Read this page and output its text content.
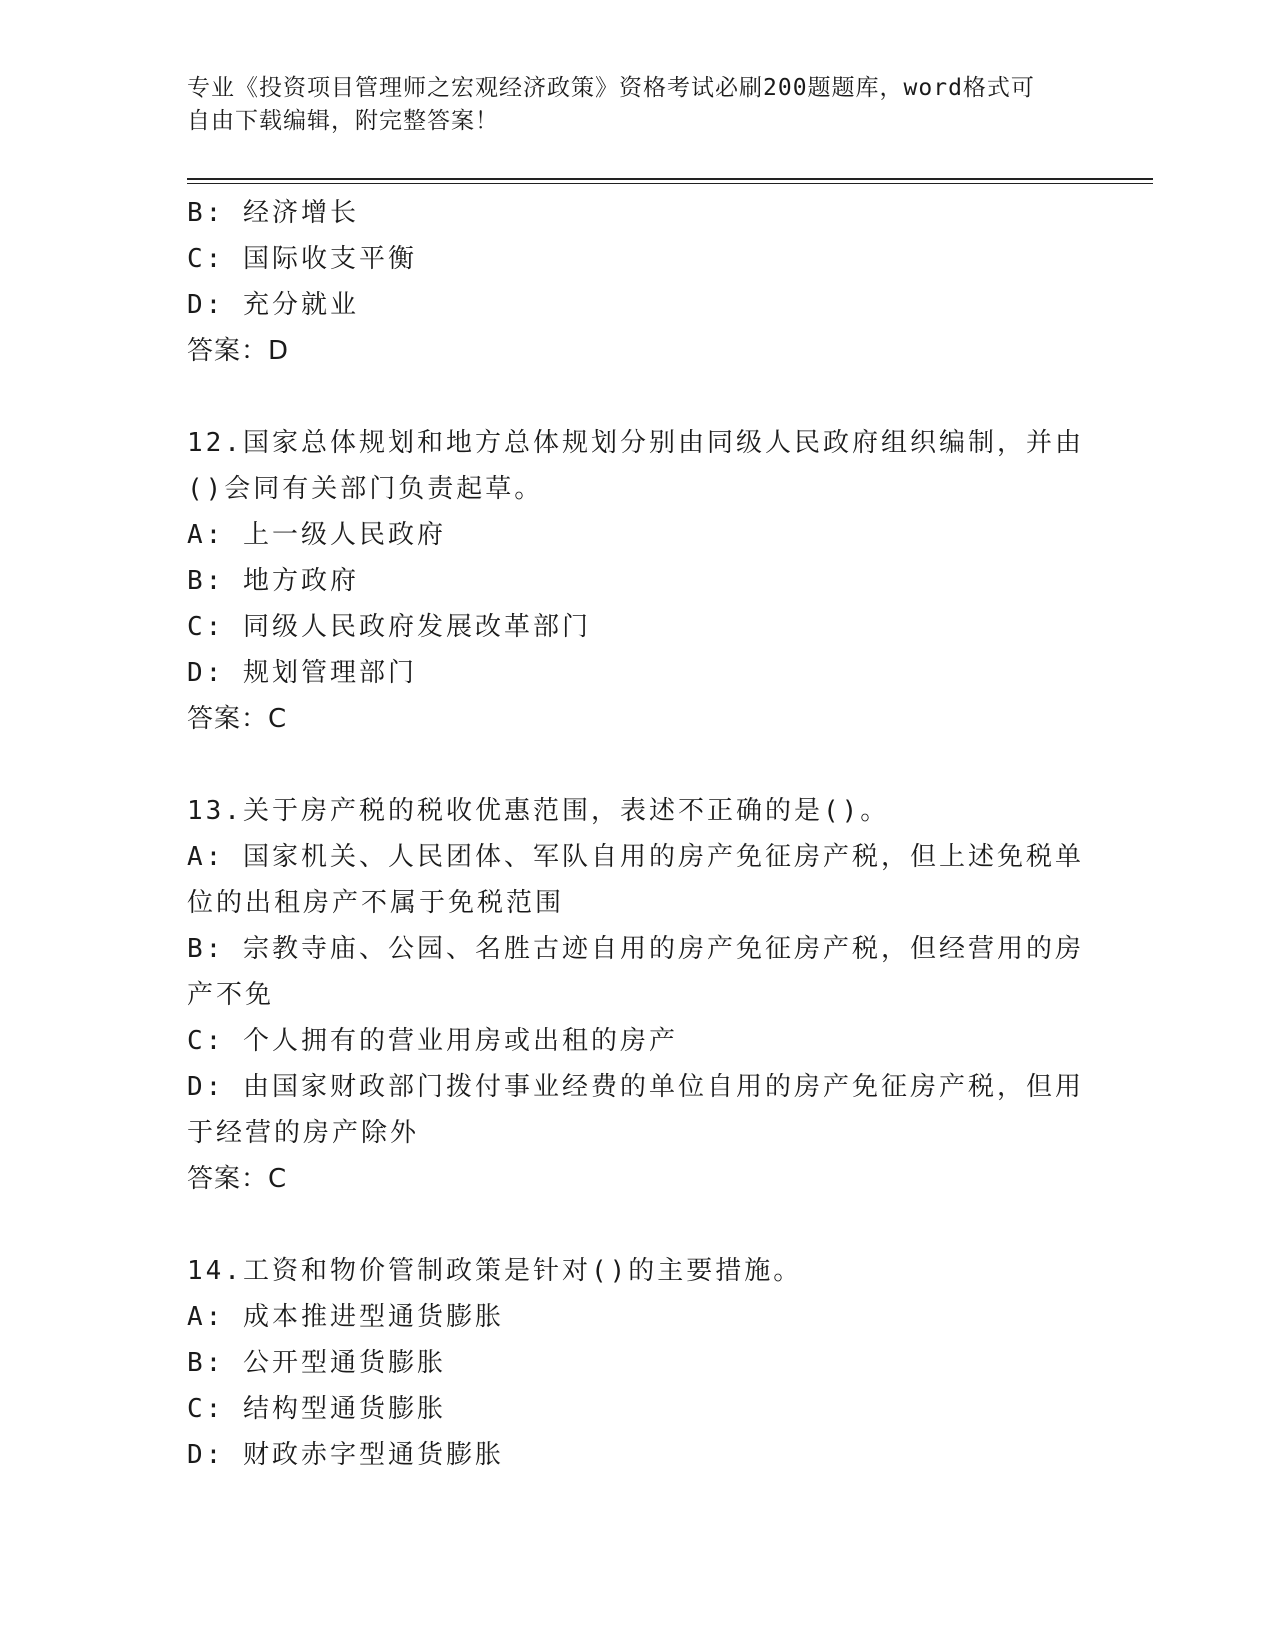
专业《投资项目管理师之宏观经济政策》资格考试必刷200题题库，word格式可
自由下载编辑，附完整答案！
B: 经济增长
C: 国际收支平衡
D: 充分就业
答案：D
12.国家总体规划和地方总体规划分别由同级人民政府组织编制，并由
()会同有关部门负责起草。
A: 上一级人民政府
B: 地方政府
C: 同级人民政府发展改革部门
D: 规划管理部门
答案：C
13.关于房产税的税收优惠范围，表述不正确的是()。
A: 国家机关、人民团体、军队自用的房产免征房产税，但上述免税单
位的出租房产不属于免税范围
B: 宗教寺庙、公园、名胜古迹自用的房产免征房产税，但经营用的房
产不免
C: 个人拥有的营业用房或出租的房产
D: 由国家财政部门拨付事业经费的单位自用的房产免征房产税，但用
于经营的房产除外
答案：C
14.工资和物价管制政策是针对()的主要措施。
A: 成本推进型通货膨胀
B: 公开型通货膨胀
C: 结构型通货膨胀
D: 财政赤字型通货膨胀
